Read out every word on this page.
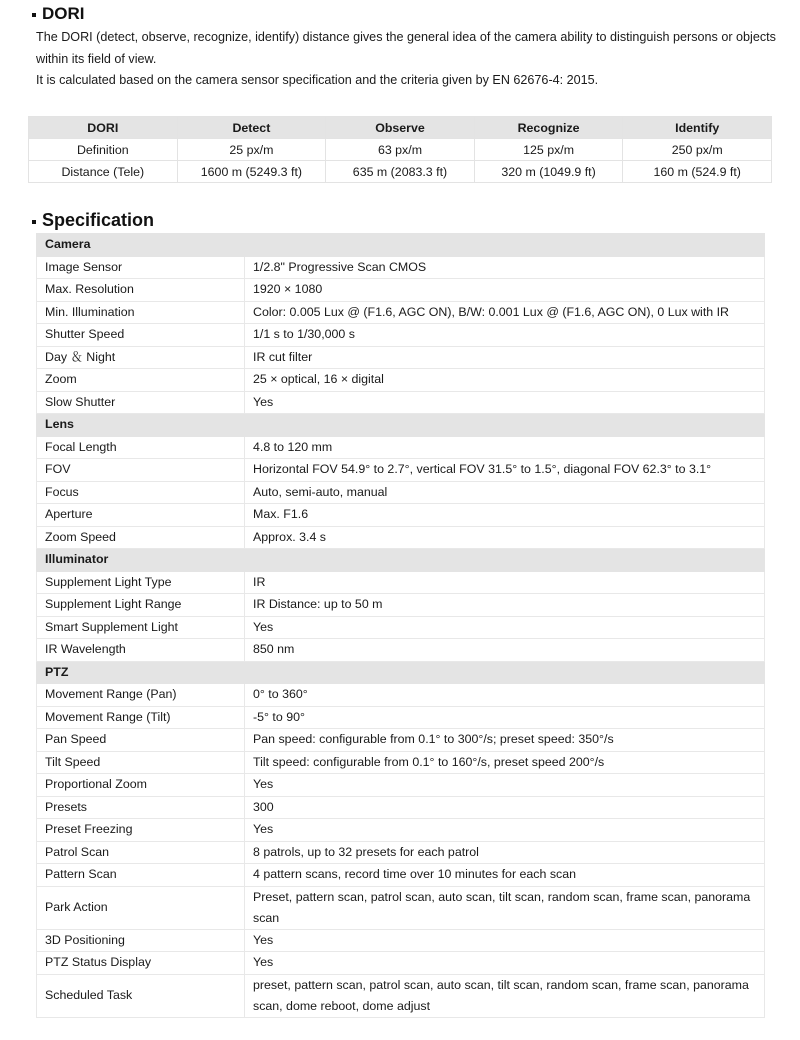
DORI

The DORI (detect, observe, recognize, identify) distance gives the general idea of the camera ability to distinguish persons or objects within its field of view.

It is calculated based on the camera sensor specification and the criteria given by EN 62676-4: 2015.

DORI	Detect	Observe	Recognize	Identify
Definition	25 px/m	63 px/m	125 px/m	250 px/m
Distance (Tele)	1600 m (5249.3 ft)	635 m (2083.3 ft)	320 m (1049.9 ft)	160 m (524.9 ft)
Specification
Camera	
Image Sensor	1/2.8" Progressive Scan CMOS
Max. Resolution	1920 × 1080
Min. Illumination	Color: 0.005 Lux @ (F1.6, AGC ON), B/W: 0.001 Lux @ (F1.6, AGC ON), 0 Lux with IR
Shutter Speed	1/1 s to 1/30,000 s
Day ＆ Night	IR cut filter
Zoom	25 × optical, 16 × digital
Slow Shutter	Yes
Lens	
Focal Length	4.8 to 120 mm
FOV	Horizontal FOV 54.9° to 2.7°, vertical FOV 31.5° to 1.5°, diagonal FOV 62.3° to 3.1°
Focus	Auto, semi-auto, manual
Aperture	Max. F1.6
Zoom Speed	Approx. 3.4 s
Illuminator	
Supplement Light Type	IR
Supplement Light Range	IR Distance: up to 50 m
Smart Supplement Light	Yes
IR Wavelength	850 nm
PTZ	
Movement Range (Pan)	0° to 360°
Movement Range (Tilt)	-5° to 90°
Pan Speed	Pan speed: configurable from 0.1° to 300°/s; preset speed: 350°/s
Tilt Speed	Tilt speed: configurable from 0.1° to 160°/s, preset speed 200°/s
Proportional Zoom	Yes
Presets	300
Preset Freezing	Yes
Patrol Scan	8 patrols, up to 32 presets for each patrol
Pattern Scan	4 pattern scans, record time over 10 minutes for each scan
Park Action	Preset, pattern scan, patrol scan, auto scan, tilt scan, random scan, frame scan, panorama scan
3D Positioning	Yes
PTZ Status Display	Yes
Scheduled Task	preset, pattern scan, patrol scan, auto scan, tilt scan, random scan, frame scan, panorama scan, dome reboot, dome adjust
